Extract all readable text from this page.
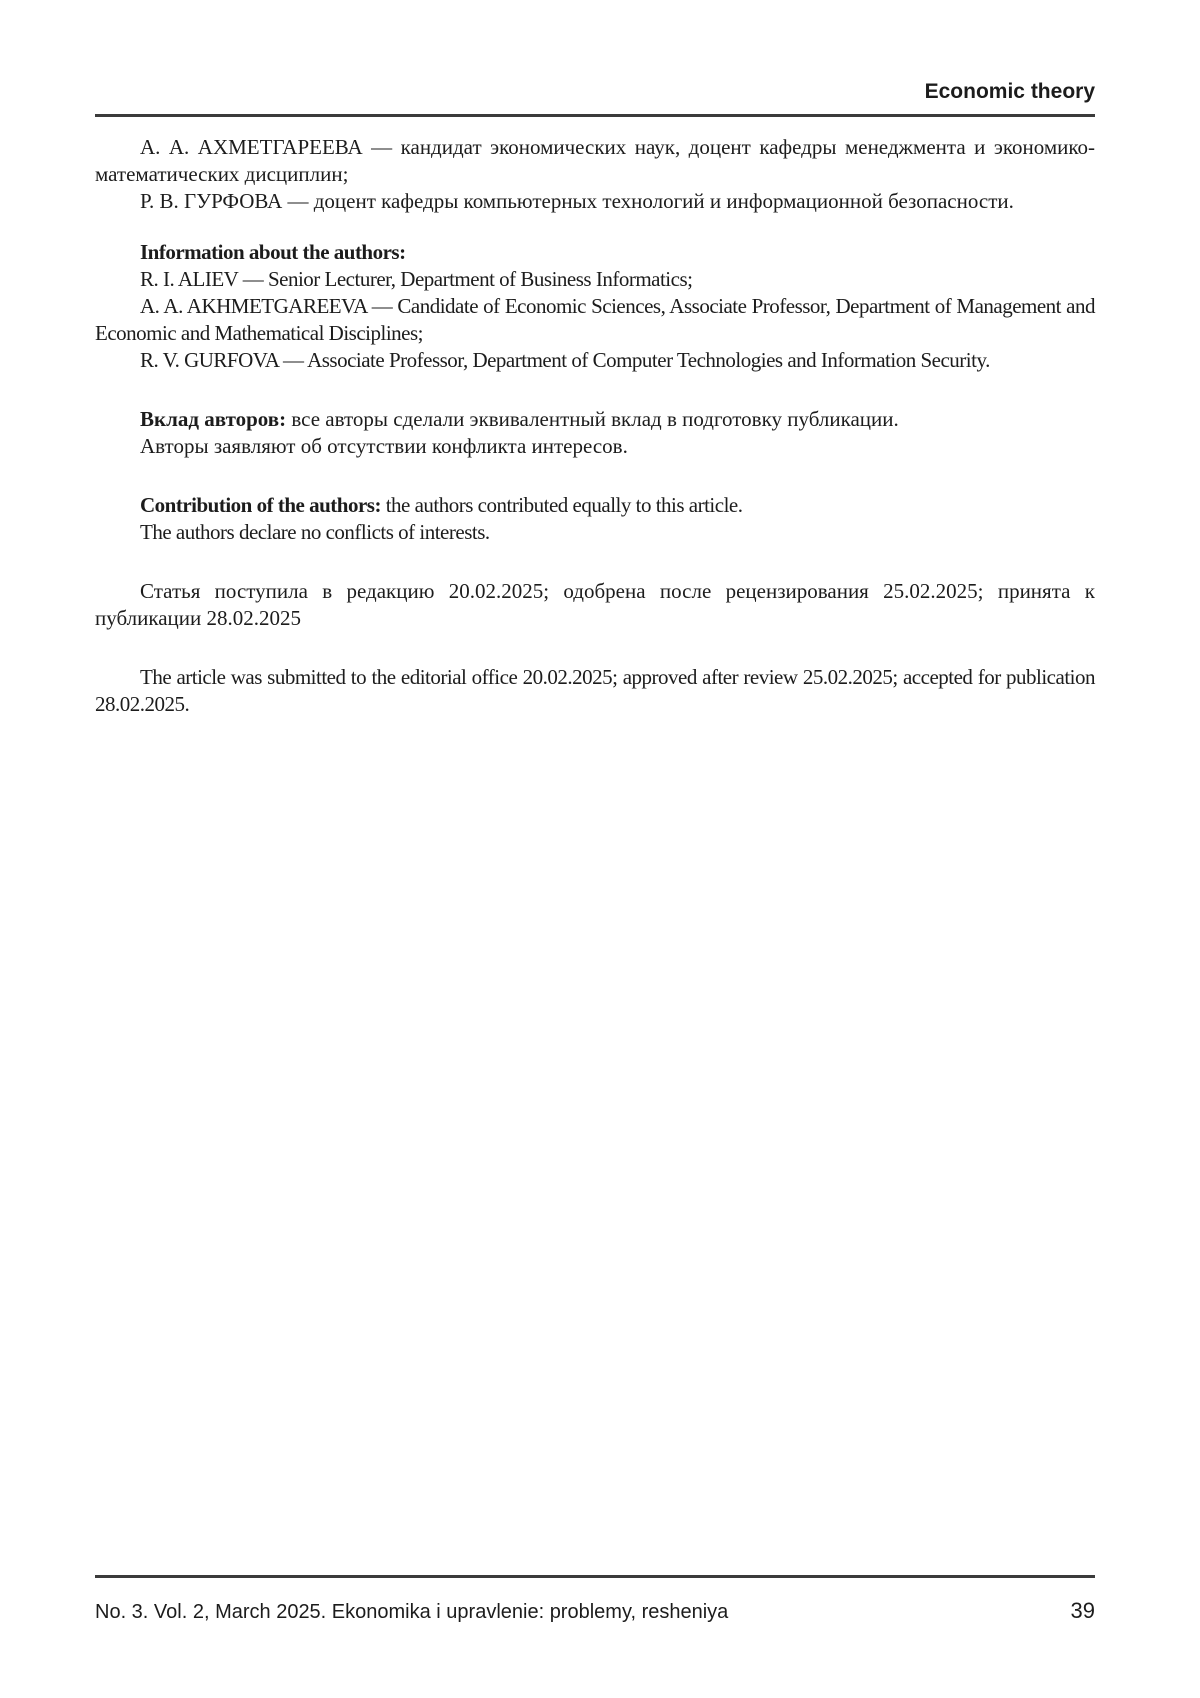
Economic theory

А. А. АХМЕТГАРЕЕВА — кандидат экономических наук, доцент кафедры менеджмента и экономико-математических дисциплин;

Р. В. ГУРФОВА — доцент кафедры компьютерных технологий и информационной безопасности.

Information about the authors:

R. I. ALIEV — Senior Lecturer, Department of Business Informatics;

A. A. AKHMETGAREEVA — Candidate of Economic Sciences, Associate Professor, Department of Management and Economic and Mathematical Disciplines;

R. V. GURFOVA — Associate Professor, Department of Computer Technologies and Information Security.

Вклад авторов: все авторы сделали эквивалентный вклад в подготовку публикации.

Авторы заявляют об отсутствии конфликта интересов.

Contribution of the authors: the authors contributed equally to this article.

The authors declare no conflicts of interests.

Статья поступила в редакцию 20.02.2025; одобрена после рецензирования 25.02.2025; принята к публикации 28.02.2025

The article was submitted to the editorial office 20.02.2025; approved after review 25.02.2025; accepted for publication 28.02.2025.

No. 3. Vol. 2, March 2025. Ekonomika i upravlenie: problemy, resheniya	39
